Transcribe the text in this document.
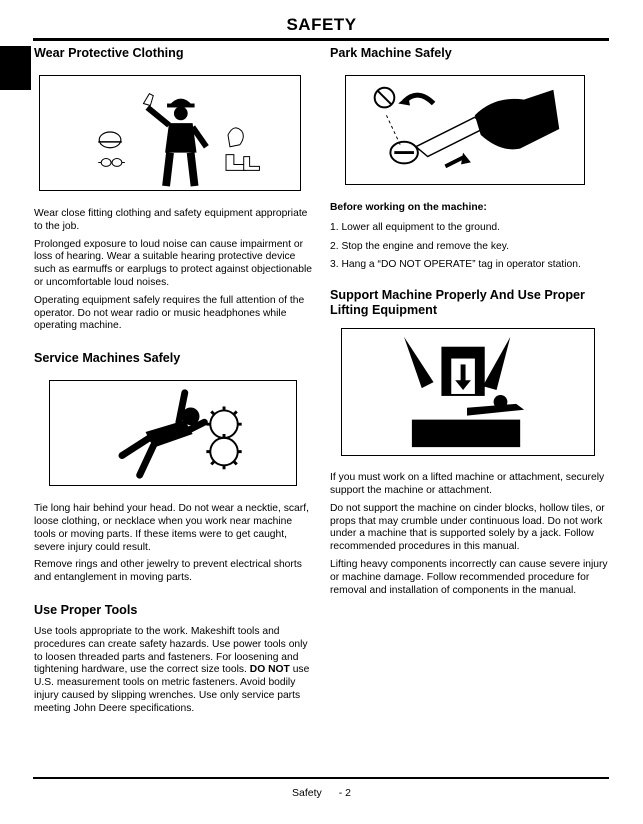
SAFETY
Wear Protective Clothing

Wear close fitting clothing and safety equipment appropriate to the job.

Prolonged exposure to loud noise can cause impairment or loss of hearing. Wear a suitable hearing protective device such as earmuffs or earplugs to protect against objectionable or uncomfortable loud noises.

Operating equipment safely requires the full attention of the operator. Do not wear radio or music headphones while operating machine.

Service Machines Safely

Tie long hair behind your head. Do not wear a necktie, scarf, loose clothing, or necklace when you work near machine tools or moving parts. If these items were to get caught, severe injury could result.

Remove rings and other jewelry to prevent electrical shorts and entanglement in moving parts.

Use Proper Tools

Use tools appropriate to the work. Makeshift tools and procedures can create safety hazards. Use power tools only to loosen threaded parts and fasteners. For loosening and tightening hardware, use the correct size tools. DO NOT use U.S. measurement tools on metric fasteners. Avoid bodily injury caused by slipping wrenches. Use only service parts meeting John Deere specifications.

Park Machine Safely

Before working on the machine:

1. Lower all equipment to the ground.
2. Stop the engine and remove the key.
3. Hang a “DO NOT OPERATE” tag in operator station.
Support Machine Properly And Use Proper Lifting Equipment

If you must work on a lifted machine or attachment, securely support the machine or attachment.

Do not support the machine on cinder blocks, hollow tiles, or props that may crumble under continuous load. Do not work under a machine that is supported solely by a jack. Follow recommended procedures in this manual.

Lifting heavy components incorrectly can cause severe injury or machine damage. Follow recommended procedure for removal and installation of components in the manual.

Safety - 2
